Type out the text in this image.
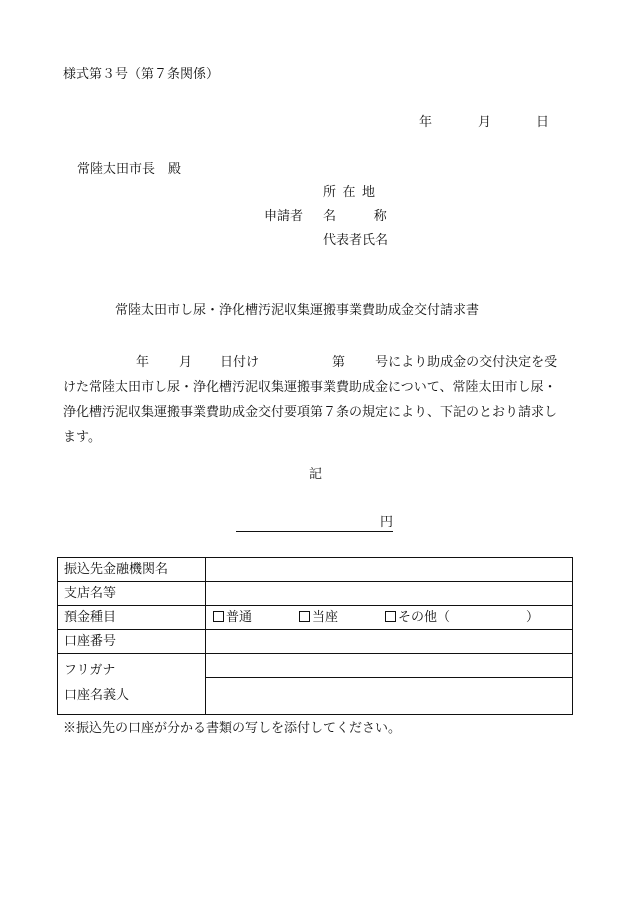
様式第３号（第７条関係）
年	月	日
常陸太田市長　殿
所在地
申請者 名称
代表者氏名
常陸太田市し尿・浄化槽汚泥収集運搬事業費助成金交付請求書
年 月 日付け	第 号により助成金の交付決定を受けた常陸太田市し尿・浄化槽汚泥収集運搬事業費助成金について、常陸太田市し尿・浄化槽汚泥収集運搬事業費助成金交付要項第７条の規定により、下記のとおり請求します。
記
円
振込先金融機関名	
支店名等	
預金種目	普通 当座 その他（ ）
口座番号	

フリガナ
口座名義人	

※振込先の口座が分かる書類の写しを添付してください。
